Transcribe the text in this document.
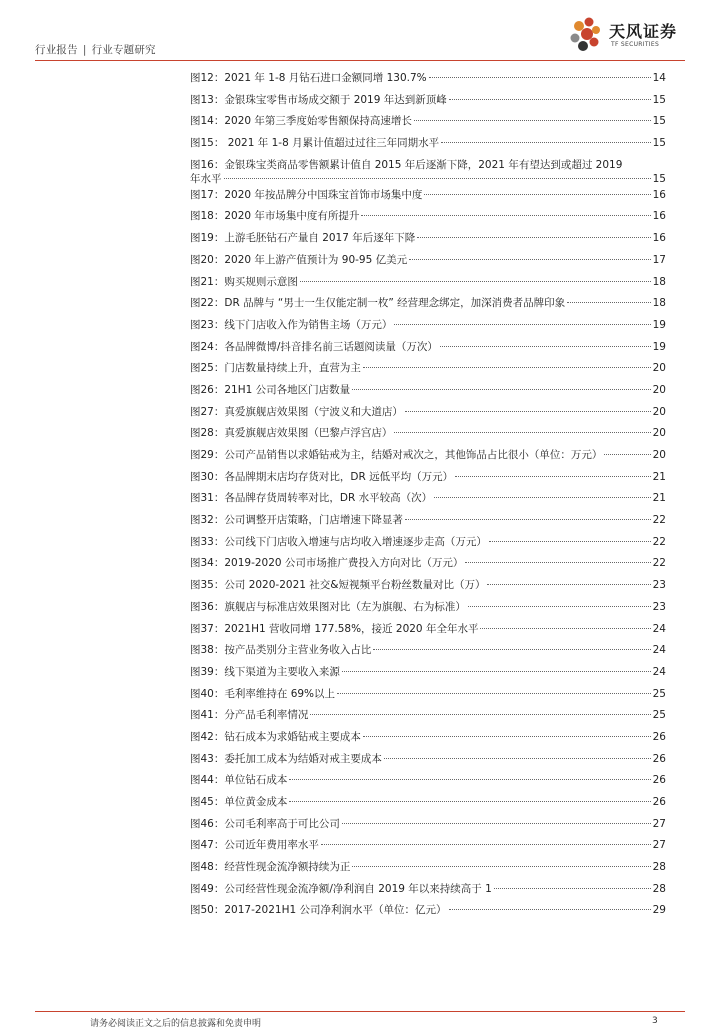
行业报告 | 行业专题研究
天风证券
TF SECURITIES
图12：2021 年 1-8 月钻石进口金额同增 130.7%	14
图13：金银珠宝零售市场成交额于 2019 年达到新顶峰	15
图14：2020 年第三季度始零售额保持高速增长	15
图15： 2021 年 1-8 月累计值超过过往三年同期水平	15
图16：金银珠宝类商品零售额累计值自 2015 年后逐渐下降，2021 年有望达到或超过 2019
年水平	15
图17：2020 年按品牌分中国珠宝首饰市场集中度	16
图18：2020 年市场集中度有所提升	16
图19：上游毛胚钻石产量自 2017 年后逐年下降	16
图20：2020 年上游产值预计为 90-95 亿美元	17
图21：购买规则示意图	18
图22：DR 品牌与 “男士一生仅能定制一枚” 经营理念绑定，加深消费者品牌印象	18
图23：线下门店收入作为销售主场（万元）	19
图24：各品牌微博/抖音排名前三话题阅读量（万次）	19
图25：门店数量持续上升，直营为主	20
图26：21H1 公司各地区门店数量	20
图27：真爱旗舰店效果图（宁波义和大道店）	20
图28：真爱旗舰店效果图（巴黎卢浮宫店）	20
图29：公司产品销售以求婚钻戒为主，结婚对戒次之，其他饰品占比很小（单位：万元）	20
图30：各品牌期末店均存货对比，DR 远低平均（万元）	21
图31：各品牌存货周转率对比，DR 水平较高（次）	21
图32：公司调整开店策略，门店增速下降显著	22
图33：公司线下门店收入增速与店均收入增速逐步走高（万元）	22
图34：2019-2020 公司市场推广费投入方向对比（万元）	22
图35：公司 2020-2021 社交&短视频平台粉丝数量对比（万）	23
图36：旗舰店与标准店效果图对比（左为旗舰、右为标准）	23
图37：2021H1 营收同增 177.58%，接近 2020 年全年水平	24
图38：按产品类别分主营业务收入占比	24
图39：线下渠道为主要收入来源	24
图40：毛利率维持在 69%以上	25
图41：分产品毛利率情况	25
图42：钻石成本为求婚钻戒主要成本	26
图43：委托加工成本为结婚对戒主要成本	26
图44：单位钻石成本	26
图45：单位黄金成本	26
图46：公司毛利率高于可比公司	27
图47：公司近年费用率水平	27
图48：经营性现金流净额持续为正	28
图49：公司经营性现金流净额/净利润自 2019 年以来持续高于 1	28
图50：2017-2021H1 公司净利润水平（单位：亿元）	29
请务必阅读正文之后的信息披露和免责申明	3
